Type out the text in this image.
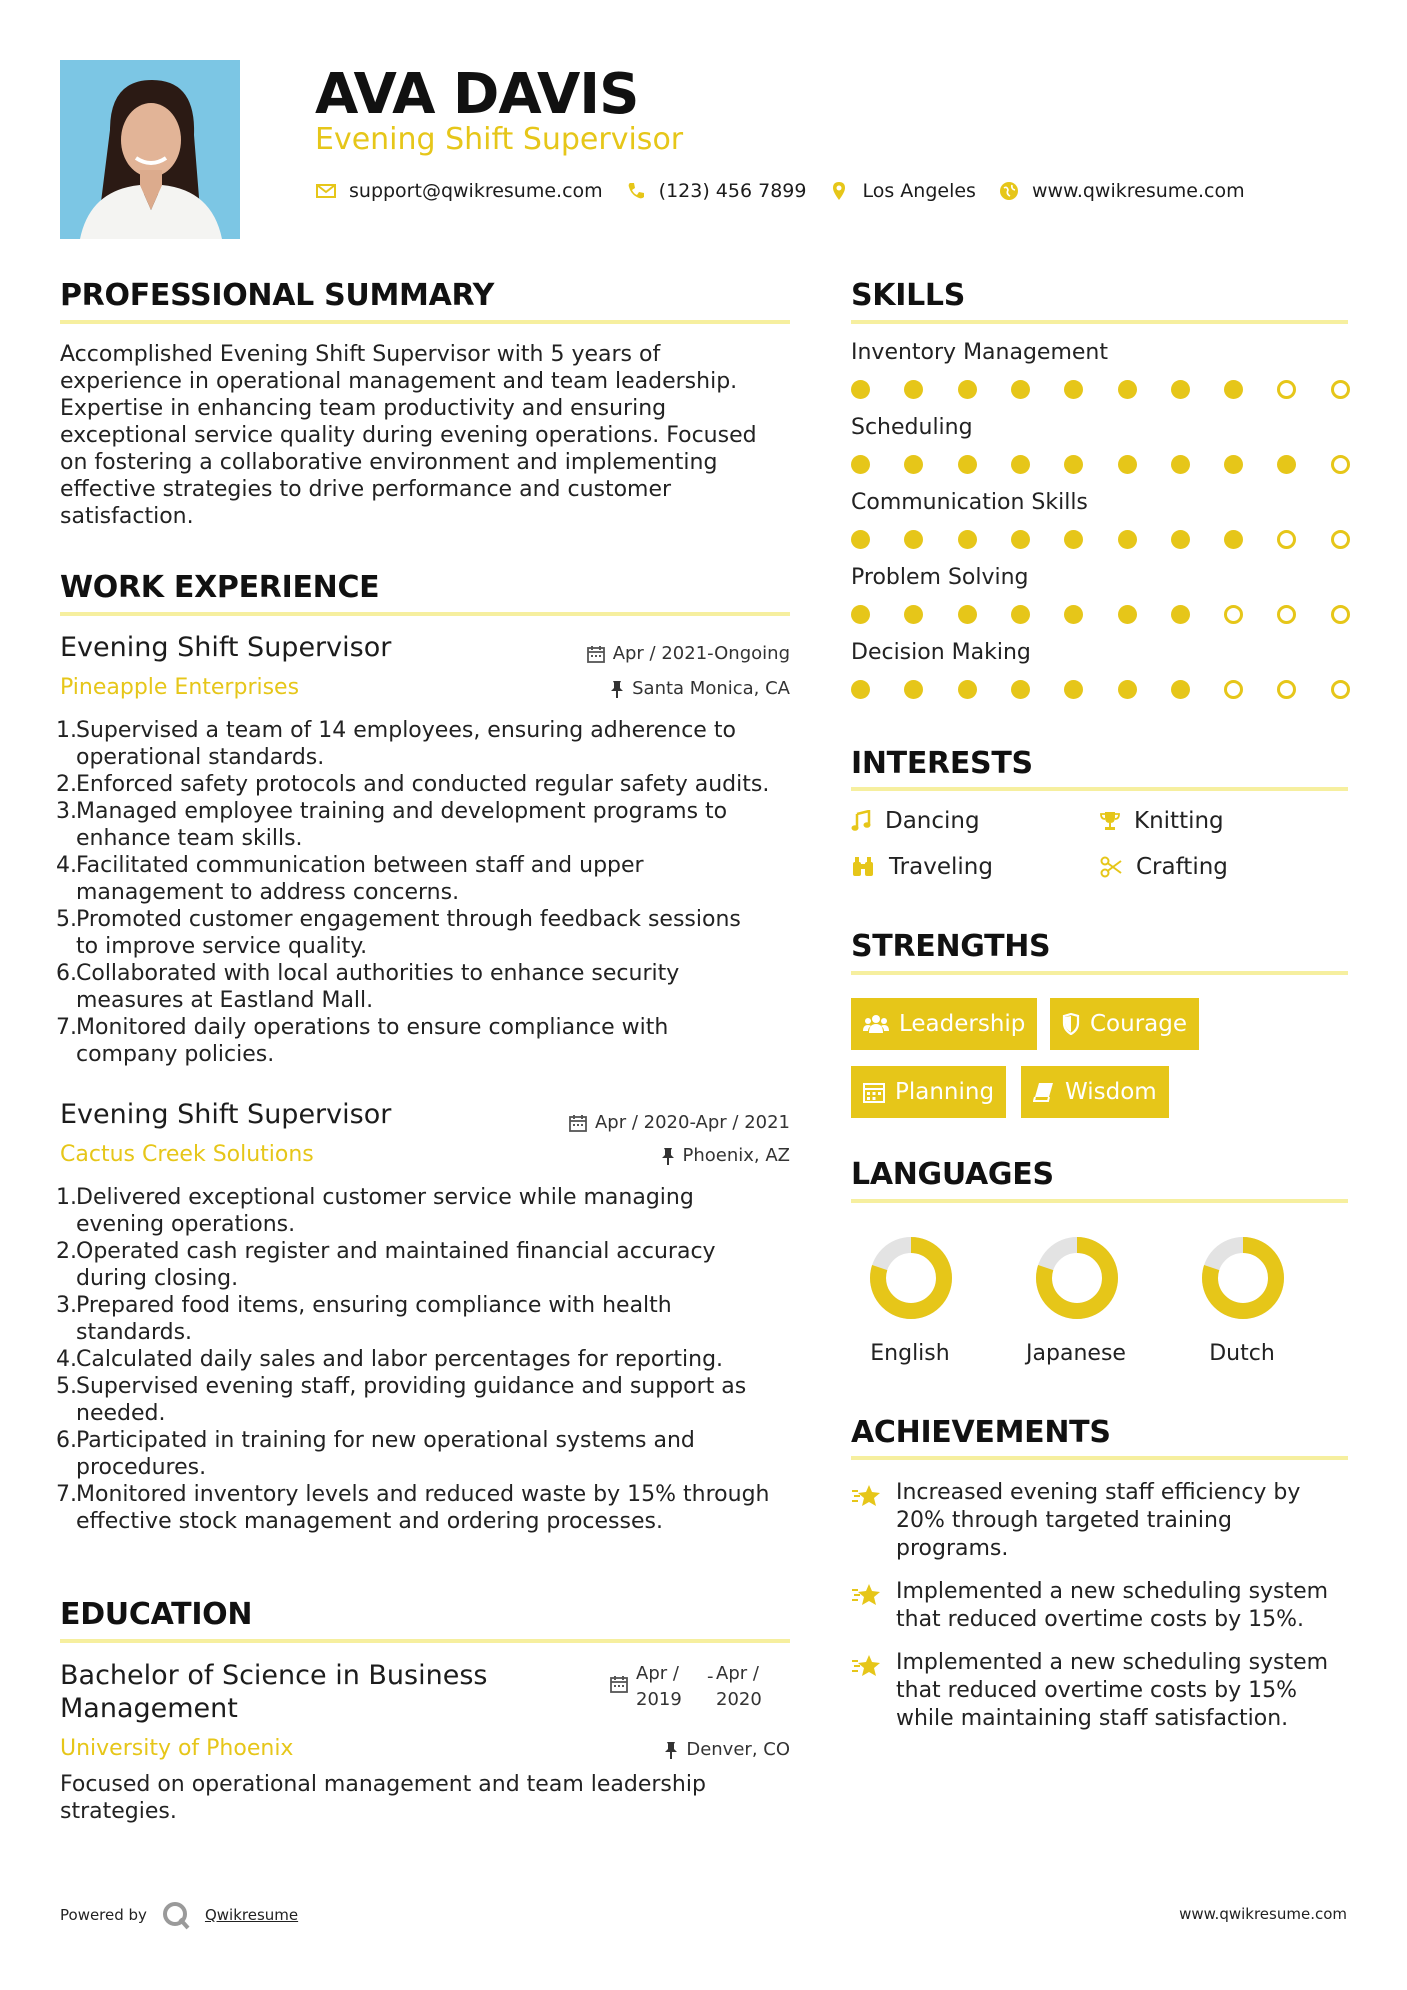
AVA DAVIS
Evening Shift Supervisor
support@qwikresume.com	(123) 456 7899	Los Angeles	www.qwikresume.com
PROFESSIONAL SUMMARY
Accomplished Evening Shift Supervisor with 5 years of
experience in operational management and team leadership.
Expertise in enhancing team productivity and ensuring
exceptional service quality during evening operations. Focused
on fostering a collaborative environment and implementing
effective strategies to drive performance and customer
satisfaction.
WORK EXPERIENCE
Evening Shift Supervisor	Apr / 2021-Ongoing
Pineapple Enterprises	Santa Monica, CA
1. Supervised a team of 14 employees, ensuring adherence to
operational standards.
2. Enforced safety protocols and conducted regular safety audits.
3. Managed employee training and development programs to
enhance team skills.
4. Facilitated communication between staff and upper
management to address concerns.
5. Promoted customer engagement through feedback sessions
to improve service quality.
6. Collaborated with local authorities to enhance security
measures at Eastland Mall.
7. Monitored daily operations to ensure compliance with
company policies.
Evening Shift Supervisor	Apr / 2020-Apr / 2021
Cactus Creek Solutions	Phoenix, AZ
1. Delivered exceptional customer service while managing
evening operations.
2. Operated cash register and maintained financial accuracy
during closing.
3. Prepared food items, ensuring compliance with health
standards.
4. Calculated daily sales and labor percentages for reporting.
5. Supervised evening staff, providing guidance and support as
needed.
6. Participated in training for new operational systems and
procedures.
7. Monitored inventory levels and reduced waste by 15% through
effective stock management and ordering processes.
EDUCATION
Bachelor of Science in Business
Management
Apr /
2019
- Apr /
2020
University of Phoenix	Denver, CO
Focused on operational management and team leadership
strategies.
SKILLS
Inventory Management
Scheduling
Communication Skills
Problem Solving
Decision Making
INTERESTS
Dancing	Knitting
Traveling	Crafting
STRENGTHS
Leadership	Courage
Planning	Wisdom
LANGUAGES
English	Japanese	Dutch
ACHIEVEMENTS
Increased evening staff efficiency by
20% through targeted training
programs.
Implemented a new scheduling system
that reduced overtime costs by 15%.
Implemented a new scheduling system
that reduced overtime costs by 15%
while maintaining staff satisfaction.
Powered by	Qwikresume	www.qwikresume.com
